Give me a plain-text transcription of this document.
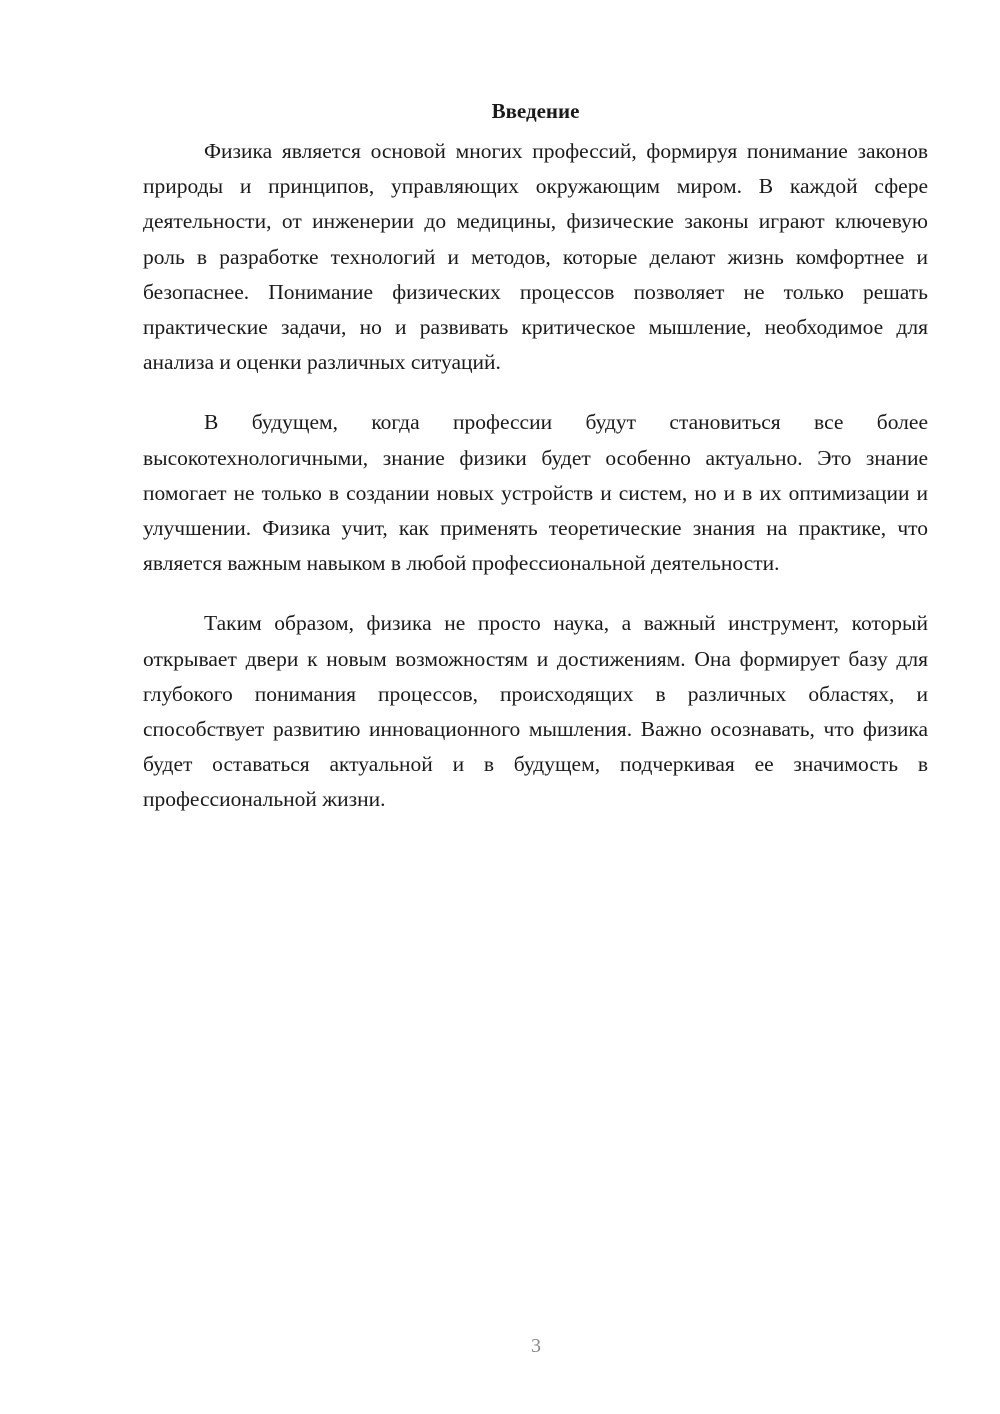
Введение

Физика является основой многих профессий, формируя понимание законов природы и принципов, управляющих окружающим миром. В каждой сфере деятельности, от инженерии до медицины, физические законы играют ключевую роль в разработке технологий и методов, которые делают жизнь комфортнее и безопаснее. Понимание физических процессов позволяет не только решать практические задачи, но и развивать критическое мышление, необходимое для анализа и оценки различных ситуаций.

В будущем, когда профессии будут становиться все более высокотехнологичными, знание физики будет особенно актуально. Это знание помогает не только в создании новых устройств и систем, но и в их оптимизации и улучшении. Физика учит, как применять теоретические знания на практике, что является важным навыком в любой профессиональной деятельности.

Таким образом, физика не просто наука, а важный инструмент, который открывает двери к новым возможностям и достижениям. Она формирует базу для глубокого понимания процессов, происходящих в различных областях, и способствует развитию инновационного мышления. Важно осознавать, что физика будет оставаться актуальной и в будущем, подчеркивая ее значимость в профессиональной жизни.

3
